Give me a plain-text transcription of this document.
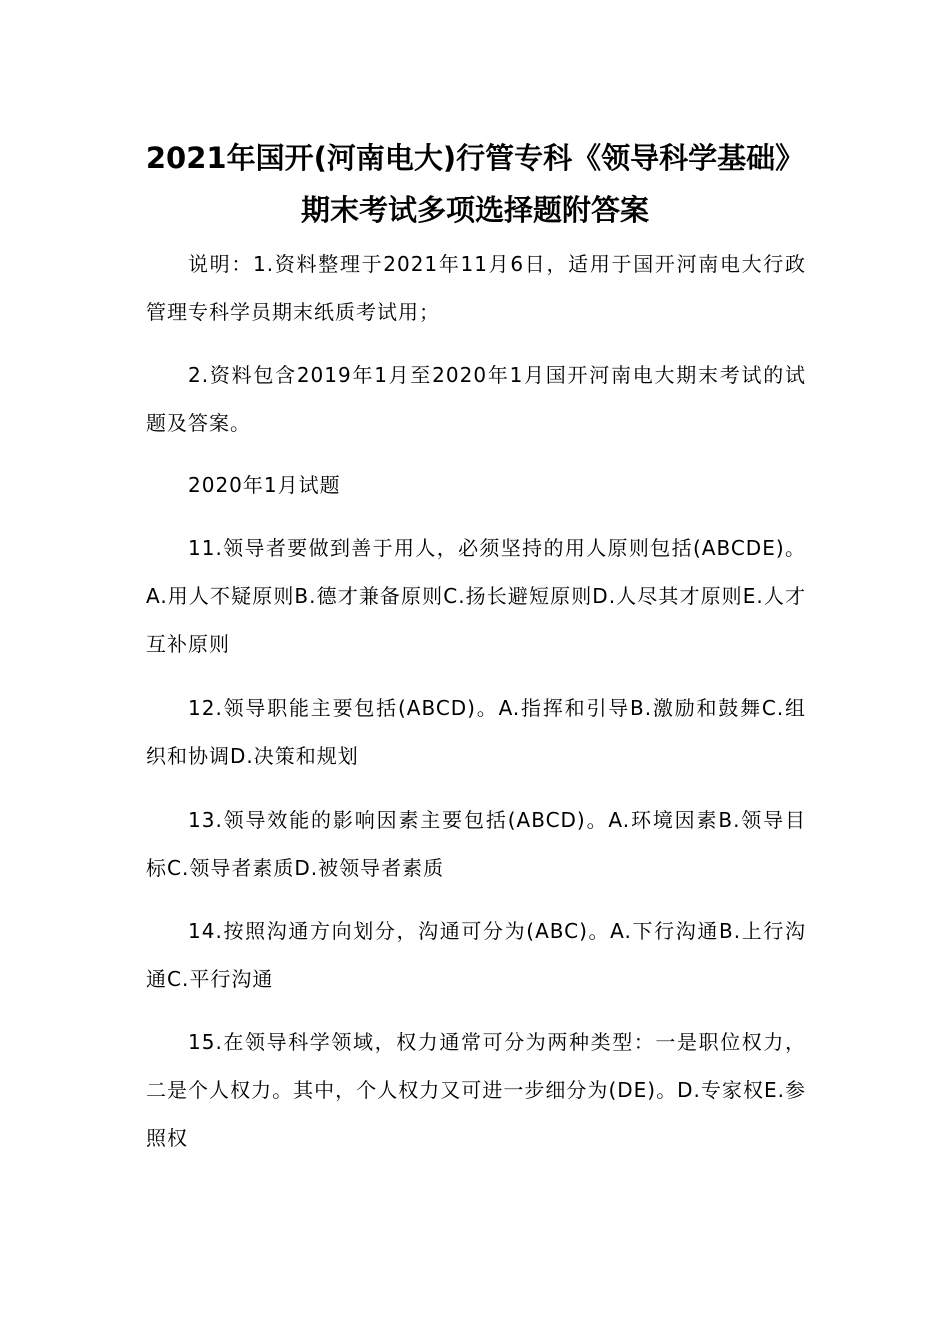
2021年国开(河南电大)行管专科《领导科学基础》
期末考试多项选择题附答案

说明：1.资料整理于2021年11月6日，适用于国开河南电大行政管理专科学员期末纸质考试用；

2.资料包含2019年1月至2020年1月国开河南电大期末考试的试题及答案。

2020年1月试题

11.领导者要做到善于用人，必须坚持的用人原则包括(ABCDE)。A.用人不疑原则B.德才兼备原则C.扬长避短原则D.人尽其才原则E.人才互补原则

12.领导职能主要包括(ABCD)。A.指挥和引导B.激励和鼓舞C.组织和协调D.决策和规划

13.领导效能的影响因素主要包括(ABCD)。A.环境因素B.领导目标C.领导者素质D.被领导者素质

14.按照沟通方向划分，沟通可分为(ABC)。A.下行沟通B.上行沟通C.平行沟通

15.在领导科学领域，权力通常可分为两种类型：一是职位权力，二是个人权力。其中，个人权力又可进一步细分为(DE)。D.专家权E.参照权
